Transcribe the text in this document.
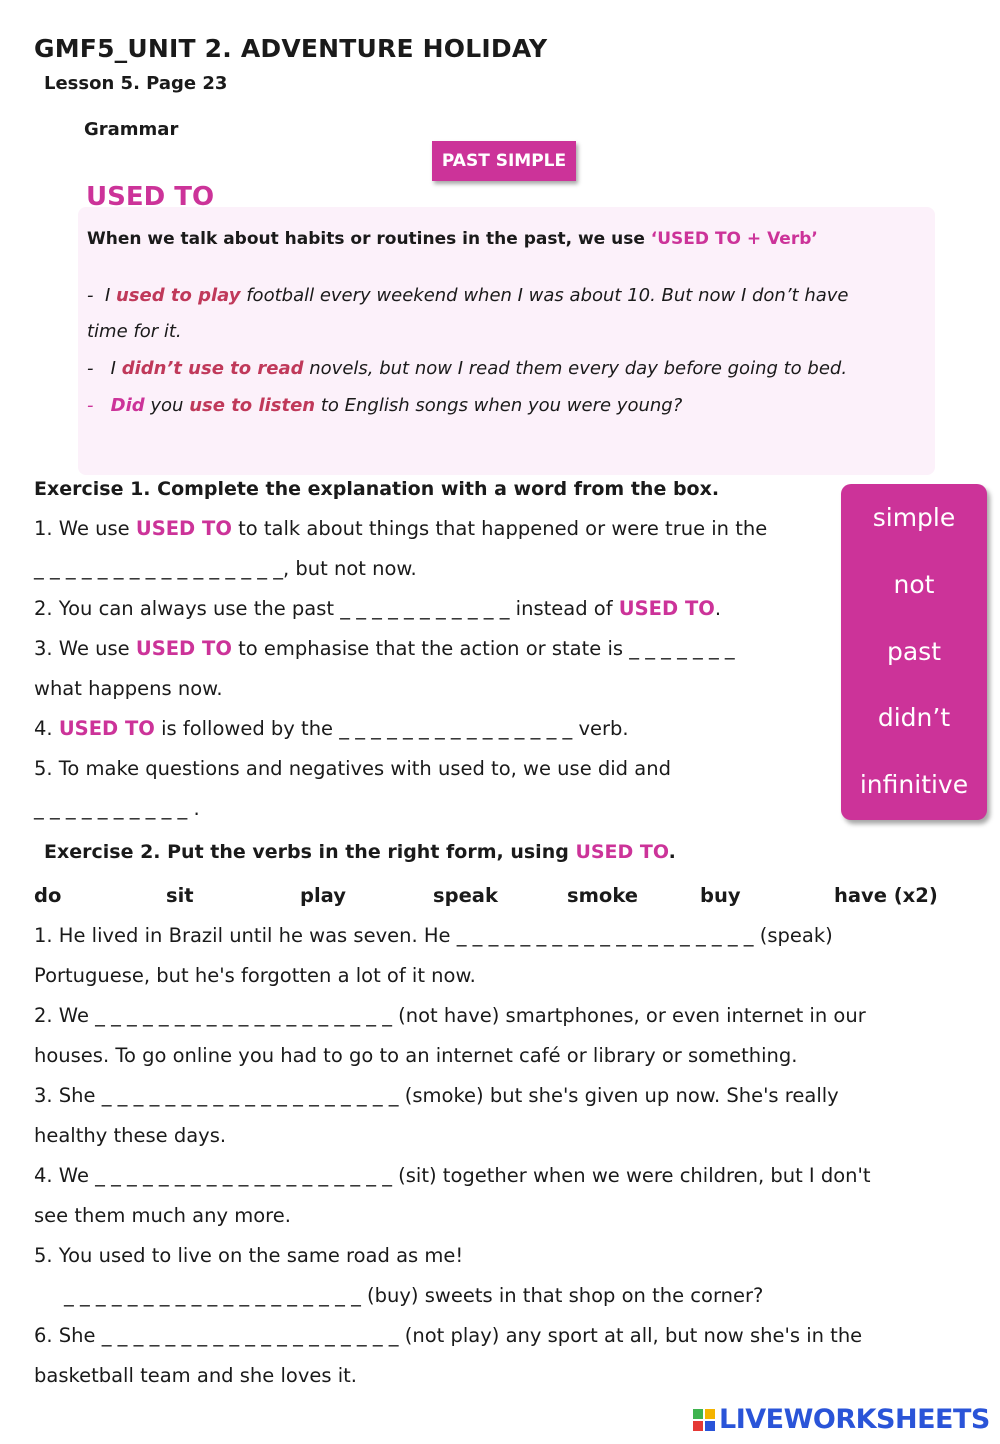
GMF5_UNIT 2. ADVENTURE HOLIDAY
Lesson 5. Page 23
Grammar
PAST SIMPLE
USED TO
When we talk about habits or routines in the past, we use ‘USED TO + Verb’
- I used to play football every weekend when I was about 10. But now I don’t have
time for it.
- I didn’t use to read novels, but now I read them every day before going to bed.
- Did you use to listen to English songs when you were young?
Exercise 1. Complete the explanation with a word from the box.
1. We use USED TO to talk about things that happened or were true in the
_ _ _ _ _ _ _ _ _ _ _ _ _ _ _ _, but not now.
2. You can always use the past _ _ _ _ _ _ _ _ _ _ _ instead of USED TO.
3. We use USED TO to emphasise that the action or state is _ _ _ _ _ _ _
what happens now.
4. USED TO is followed by the _ _ _ _ _ _ _ _ _ _ _ _ _ _ _ verb.
5. To make questions and negatives with used to, we use did and
_ _ _ _ _ _ _ _ _ _ .
simple
not
past
didn’t
infinitive
Exercise 2. Put the verbs in the right form, using USED TO.
do	sit	play	speak	smoke	buy	have (x2)
1. He lived in Brazil until he was seven. He _ _ _ _ _ _ _ _ _ _ _ _ _ _ _ _ _ _ _ (speak)
Portuguese, but he's forgotten a lot of it now.
2. We _ _ _ _ _ _ _ _ _ _ _ _ _ _ _ _ _ _ _ (not have) smartphones, or even internet in our
houses. To go online you had to go to an internet café or library or something.
3. She _ _ _ _ _ _ _ _ _ _ _ _ _ _ _ _ _ _ _ (smoke) but she's given up now. She's really
healthy these days.
4. We _ _ _ _ _ _ _ _ _ _ _ _ _ _ _ _ _ _ _ (sit) together when we were children, but I don't
see them much any more.
5. You used to live on the same road as me!
_ _ _ _ _ _ _ _ _ _ _ _ _ _ _ _ _ _ _ (buy) sweets in that shop on the corner?
6. She _ _ _ _ _ _ _ _ _ _ _ _ _ _ _ _ _ _ _ (not play) any sport at all, but now she's in the
basketball team and she loves it.
LIVEWORKSHEETS
